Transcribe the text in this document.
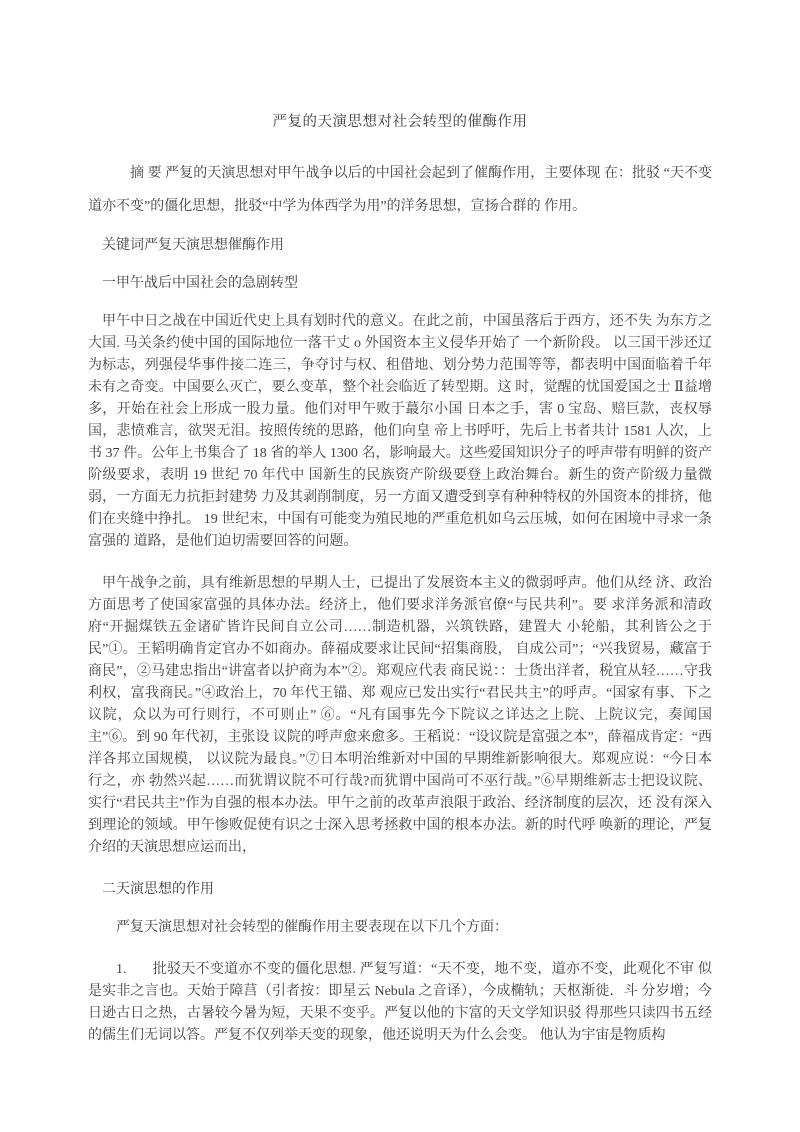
严复的天演思想对社会转型的催酶作用

摘 要 严复的天演思想对甲午战争以后的中国社会起到了催酶作用，主要体现 在：批驳 “天不变道亦不变”的僵化思想，批驳“中学为体西学为用”的洋务思想，宣扬合群的 作用。

关键词严复天演思想催酶作用

一甲午战后中国社会的急剧转型

甲午中日之战在中国近代史上具有划时代的意义。在此之前，中国虽落后于西方，还不失 为东方之大国. 马关条约使中国的国际地位一落干丈 o 外国资本主义侵华开始了 一个新阶段。 以三国干涉还辽为标志，列强侵华事件接二连三，争夺讨与权、租借地、划分势力范围等等，都表明中国面临着千年未有之奇变。中国要么灭亡，要么变革，整个社会临近了转型期。这 时，觉醒的忧国爱国之士 Ⅱ益增多，开始在社会上形成一股力量。他们对甲午败于蕞尔小国 日本之手，害 0 宝岛、赔巨款，丧权辱国，悲愤难言，欲哭无泪。按照传统的思路，他们向皇 帝上书呼吁，先后上书者共计 1581 人次，上书 37 件。公年上书集合了 18 省的举人 1300 名，影响最大。这些爱国知识分子的呼声带有明鲜的资产阶级要求，表明 19 世纪 70 年代中 国新生的民族资产阶级要登上政治舞台。新生的资产阶级力量微弱，一方面无力抗拒封建势 力及其剥削制度，另一方面又遭受到享有种种特权的外国资本的排挤，他们在夹缝中挣扎。 19 世纪末，中国有可能变为殖民地的严重危机如乌云压城，如何在困境中寻求一条富强的 道路，是他们迫切需要回答的问题。

甲午战争之前，具有维新思想的早期人士，已提出了发展资本主义的微弱呼声。他们从经 济、政治方面思考了使国家富强的具体办法。经济上，他们要求洋务派官僚“与民共利”。要 求洋务派和清政府“开掘煤铁五金诸矿皆许民间自立公司……制造机器，兴筑铁路，建置大 小轮船，其利皆公之于民”①。王韬明确肯定官办不如商办。薛福成要求让民间“招集商股， 自成公司”；“兴我贸易，藏富于商民”，②马建忠指出“讲富者以护商为本”②。郑观应代表 商民说：：士货出洋者，税宜从轻……守我利权，富我商民。”④政治上，70 年代王锚、郑 观应已发出实行“君民共主”的呼声。“国家有事、下之议院，众以为可行则行，不可则止” ⑥。“凡有国事先今下院议之详达之上院、上院议完，奏闻国主”⑥。到 90 年代初，主张设 议院的呼声愈来愈多。王稻说：“设议院是富强之本”，薛福成肯定：“西洋各邦立国规模， 以议院为最良。”⑦日本明治维新对中国的早期维新影响很大。郑观应说：“今日本行之，亦 勃然兴起……而犹谓议院不可行哉?而犹谓中国尚可不巫行哉。”⑥早期维新志士把设议院、 实行“君民共主”作为自强的根本办法。甲午之前的改革声浪限于政治、经济制度的层次，还 没有深入到理论的领域。甲午惨败促使有识之士深入思考拯救中国的根本办法。新的时代呼 唤新的理论，严复介绍的天演思想应运而出，

二天演思想的作用

严复天演思想对社会转型的催酶作用主要表现在以下几个方面：

1. 批驳天不变道亦不变的僵化思想. 严复写道：“天不变，地不变，道亦不变，此观化不审 似是实非之言也。天始于障莒（引者按：即星云 Nebula 之音译），今成椭轨；天枢渐徙．斗 分岁增；今日逊古日之热，古暑较今暑为短，天果不变乎。严复以他的卞富的天文学知识驳 得那些只读四书五经的儒生们无词以答。严复不仅列举天变的现象，他还说明天为什么会变。 他认为宇宙是物质构
